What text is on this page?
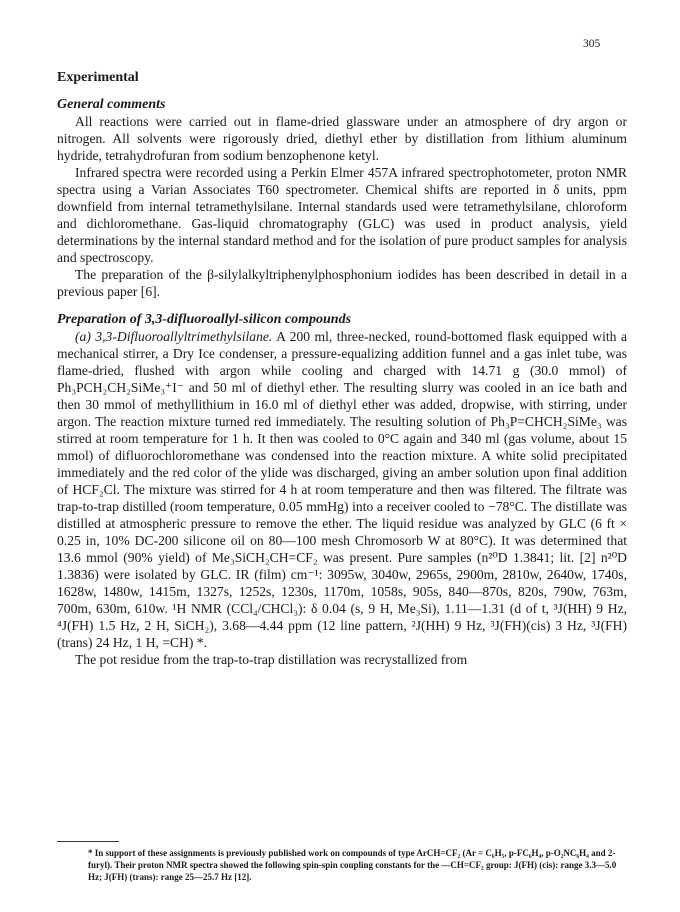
305
Experimental
General comments

All reactions were carried out in flame-dried glassware under an atmosphere of dry argon or nitrogen. All solvents were rigorously dried, diethyl ether by distillation from lithium aluminum hydride, tetrahydrofuran from sodium benzophenone ketyl.

Infrared spectra were recorded using a Perkin Elmer 457A infrared spectrophotometer, proton NMR spectra using a Varian Associates T60 spectrometer. Chemical shifts are reported in δ units, ppm downfield from internal tetramethylsilane. Internal standards used were tetramethylsilane, chloroform and dichloromethane. Gas-liquid chromatography (GLC) was used in product analysis, yield determinations by the internal standard method and for the isolation of pure product samples for analysis and spectroscopy.

The preparation of the β-silylalkyltriphenylphosphonium iodides has been described in detail in a previous paper [6].

Preparation of 3,3-difluoroallyl-silicon compounds

(a) 3,3-Difluoroallyltrimethylsilane. A 200 ml, three-necked, round-bottomed flask equipped with a mechanical stirrer, a Dry Ice condenser, a pressure-equalizing addition funnel and a gas inlet tube, was flame-dried, flushed with argon while cooling and charged with 14.71 g (30.0 mmol) of Ph₃PCH₂CH₂SiMe₃⁺I⁻ and 50 ml of diethyl ether. The resulting slurry was cooled in an ice bath and then 30 mmol of methyllithium in 16.0 ml of diethyl ether was added, dropwise, with stirring, under argon. The reaction mixture turned red immediately. The resulting solution of Ph₃P=CHCH₂SiMe₃ was stirred at room temperature for 1 h. It then was cooled to 0°C again and 340 ml (gas volume, about 15 mmol) of difluorochloromethane was condensed into the reaction mixture. A white solid precipitated immediately and the red color of the ylide was discharged, giving an amber solution upon final addition of HCF₂Cl. The mixture was stirred for 4 h at room temperature and then was filtered. The filtrate was trap-to-trap distilled (room temperature, 0.05 mmHg) into a receiver cooled to −78°C. The distillate was distilled at atmospheric pressure to remove the ether. The liquid residue was analyzed by GLC (6 ft × 0.25 in, 10% DC-200 silicone oil on 80—100 mesh Chromosorb W at 80°C). It was determined that 13.6 mmol (90% yield) of Me₃SiCH₂CH=CF₂ was present. Pure samples (n²⁰D 1.3841; lit. [2] n²⁰D 1.3836) were isolated by GLC. IR (film) cm⁻¹: 3095w, 3040w, 2965s, 2900m, 2810w, 2640w, 1740s, 1628w, 1480w, 1415m, 1327s, 1252s, 1230s, 1170m, 1058s, 905s, 840—870s, 820s, 790w, 763m, 700m, 630m, 610w. ¹H NMR (CCl₄/CHCl₃): δ 0.04 (s, 9 H, Me₃Si), 1.11—1.31 (d of t, ³J(HH) 9 Hz, ⁴J(FH) 1.5 Hz, 2 H, SiCH₂), 3.68—4.44 ppm (12 line pattern, ²J(HH) 9 Hz, ³J(FH)(cis) 3 Hz, ³J(FH)(trans) 24 Hz, 1 H, =CH) *.

The pot residue from the trap-to-trap distillation was recrystallized from

* In support of these assignments is previously published work on compounds of type ArCH=CF₂ (Ar = C₆H₅, p-FC₆H₄, p-O₂NC₆H₄ and 2-furyl). Their proton NMR spectra showed the following spin-spin coupling constants for the —CH=CF₂ group: J(FH) (cis): range 3.3—5.0 Hz; J(FH) (trans): range 25—25.7 Hz [12].
